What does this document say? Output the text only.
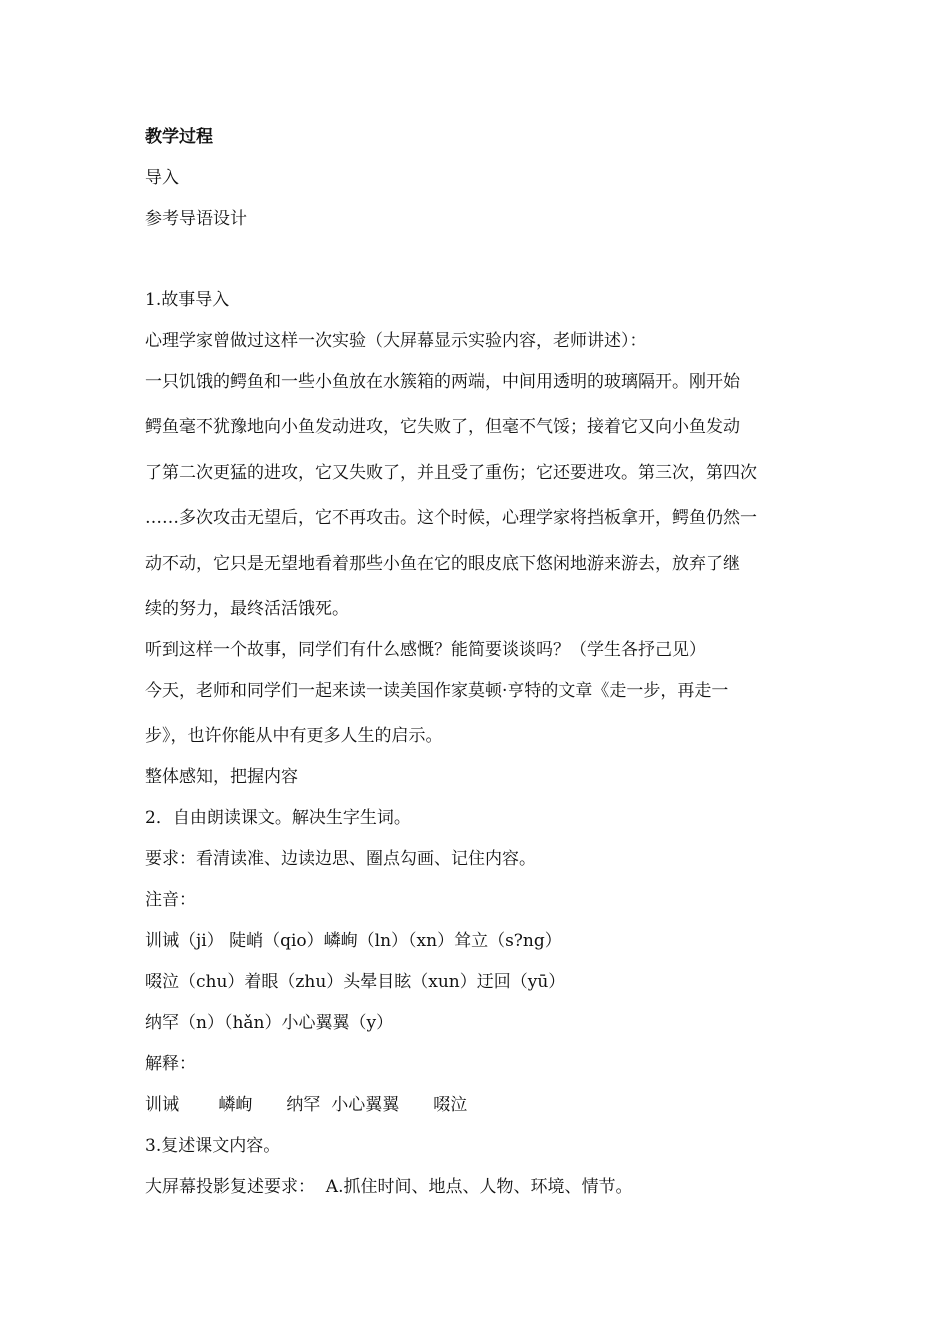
教学过程
导入
参考导语设计
1.故事导入
心理学家曾做过这样一次实验（大屏幕显示实验内容，老师讲述）：
一只饥饿的鳄鱼和一些小鱼放在水簇箱的两端，中间用透明的玻璃隔开。刚开始
鳄鱼毫不犹豫地向小鱼发动进攻，它失败了，但毫不气馁；接着它又向小鱼发动
了第二次更猛的进攻，它又失败了，并且受了重伤；它还要进攻。第三次，第四次
……多次攻击无望后，它不再攻击。这个时候，心理学家将挡板拿开，鳄鱼仍然一
动不动，它只是无望地看着那些小鱼在它的眼皮底下悠闲地游来游去，放弃了继
续的努力，最终活活饿死。
听到这样一个故事，同学们有什么感慨？能简要谈谈吗？（学生各抒己见）
今天，老师和同学们一起来读一读美国作家莫顿·亨特的文章《走一步，再走一
步》，也许你能从中有更多人生的启示。
整体感知，把握内容
2．自由朗读课文。解决生字生词。
要求：看清读准、边读边思、圈点勾画、记住内容。
注音：
训诫（ji） 陡峭（qio）嶙峋（ln）（xn）耸立（s?ng）
啜泣（chu）着眼（zhu）头晕目眩（xun）迂回（yū）
纳罕（n）（hǎn）小心翼翼（y）
解释：
训诫　　 嶙峋　　纳罕  小心翼翼　　啜泣
3.复述课文内容。
大屏幕投影复述要求：  A.抓住时间、地点、人物、环境、情节。
